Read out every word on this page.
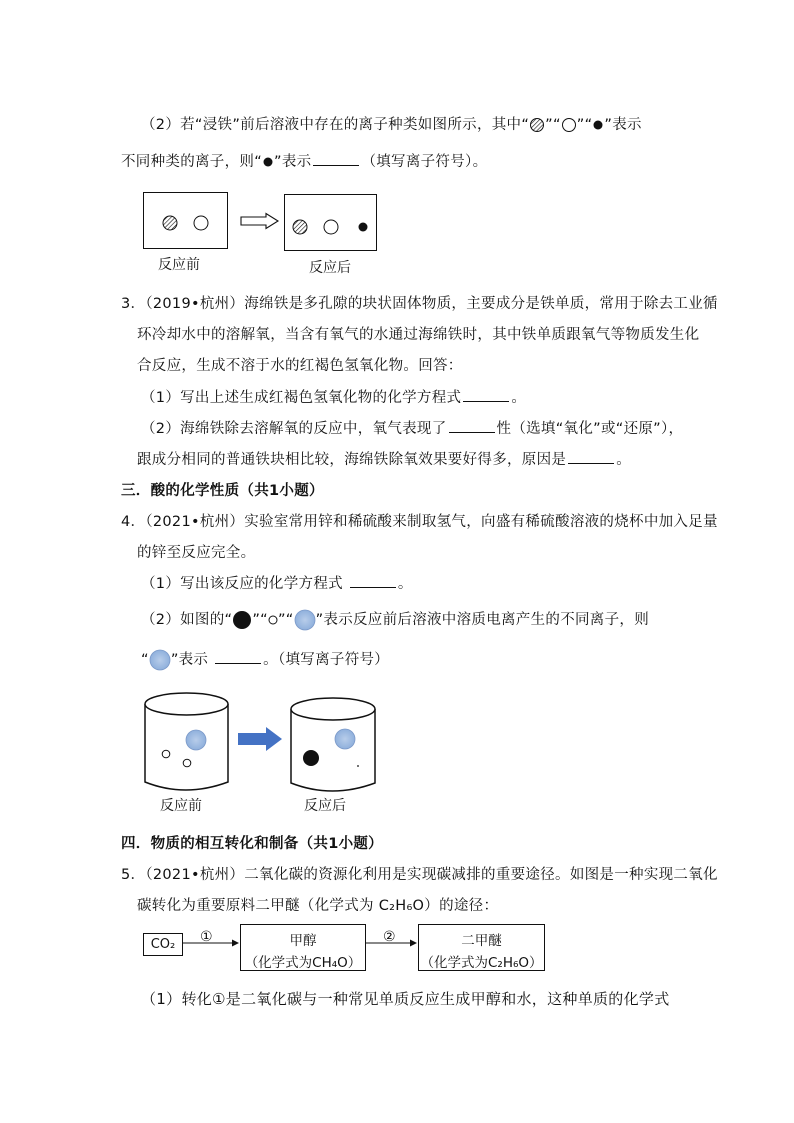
（2）若“浸铁”前后溶液中存在的离子种类如图所示，其中“ ”“ ”“ ”表示
不同种类的离子，则“ ”表示	（填写离子符号）。
反应前	反应后
3．（2019•杭州）海绵铁是多孔隙的块状固体物质，主要成分是铁单质，常用于除去工业循
环冷却水中的溶解氧，当含有氧气的水通过海绵铁时，其中铁单质跟氧气等物质发生化
合反应，生成不溶于水的红褐色氢氧化物。回答：
（1）写出上述生成红褐色氢氧化物的化学方程式	。
（2）海绵铁除去溶解氧的反应中，氧气表现了	性（选填“氧化”或“还原”），
跟成分相同的普通铁块相比较，海绵铁除氧效果要好得多，原因是	。
三．酸的化学性质（共1小题）
4．（2021•杭州）实验室常用锌和稀硫酸来制取氢气，向盛有稀硫酸溶液的烧杯中加入足量
的锌至反应完全。
（1）写出该反应的化学方程式	。
（2）如图的“ ”“ ”“ ”表示反应前后溶液中溶质电离产生的不同离子，则
“ ”表示	。（填写离子符号）
反应前	反应后
四．物质的相互转化和制备（共1小题）
5．（2021•杭州）二氧化碳的资源化利用是实现碳减排的重要途径。如图是一种实现二氧化
碳转化为重要原料二甲醚（化学式为 C₂H₆O）的途径：
CO₂	①	甲醇
（化学式为CH₄O）
②	二甲醚
（化学式为C₂H₆O）
（1）转化①是二氧化碳与一种常见单质反应生成甲醇和水，这种单质的化学式
